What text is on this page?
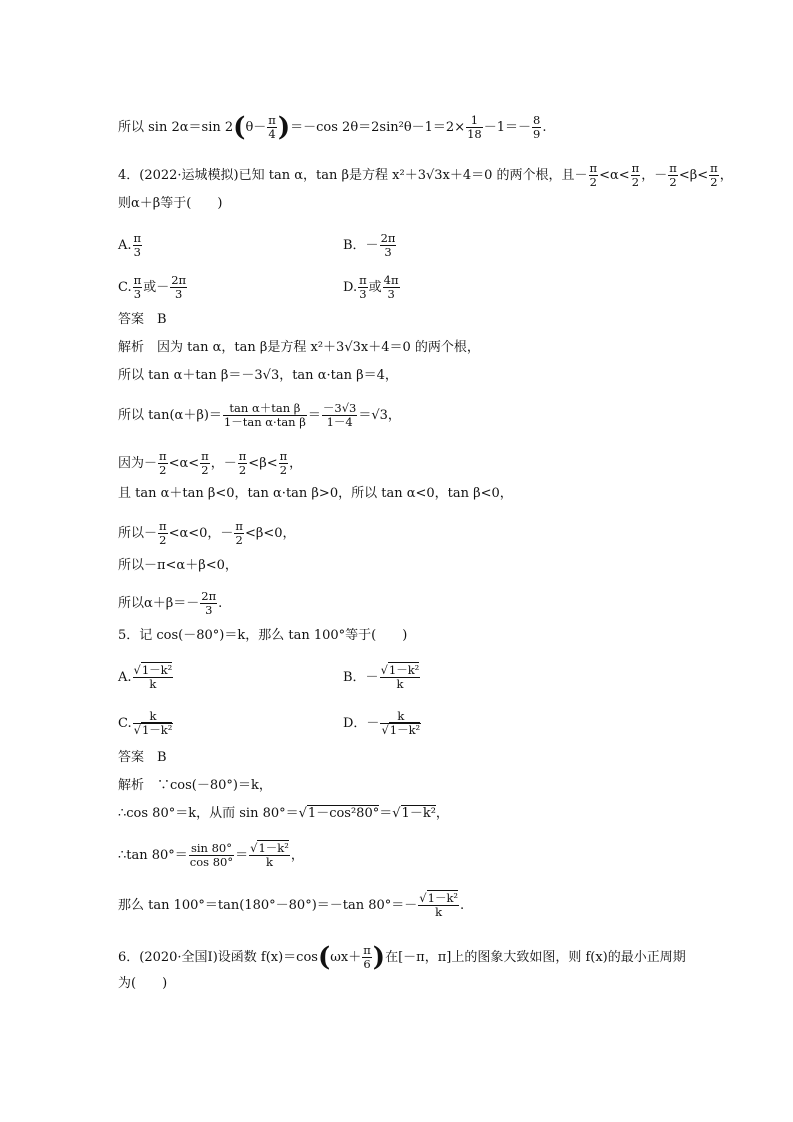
所以 sin 2α＝sin $2(\theta- \frac{\pi}{4} )=-\cos$ $2\theta=2\sin^2\theta-1=2\times \frac{1}{18} -1=- \frac{8}{9}$ .
4．(2022·运城模拟)已知 tan α，tan β是方程 x²＋3√3x＋4＝0 的两个根，且－ $\frac{\pi}{2} <\alpha< \frac{\pi}{2}$ ，－ $\frac{\pi}{2} <\beta< \frac{\pi}{2}$ ，
则α＋β等于(　　)
A. $\frac{\pi}{3}$	B．－ $\frac{2\pi}{3}$
C. $\frac{\pi}{3}$ 或－ $\frac{2\pi}{3}$	D. $\frac{\pi}{3}$ 或 $\frac{4\pi}{3}$
答案　B
解析　因为 tan α，tan β是方程 x²＋3√3x＋4＝0 的两个根，
所以 tan α＋tan β＝－3√3，tan α·tan β＝4，
所以 $\tan(\alpha+\beta)= \frac{\text{tan α＋tan β}}{\text{1－tan α·tan β}} = \frac{-3√3}{1-4} =√3$，
因为－ $\frac{\pi}{2} <\alpha< \frac{\pi}{2}$ ，－ $\frac{\pi}{2} <\beta< \frac{\pi}{2}$ ，
且 tan α＋tan β<0，tan α·tan β>0，所以 tan α<0，tan β<0，
所以－ $\frac{\pi}{2} <\alpha<0$，－ $\frac{\pi}{2} <\beta<0$，
所以－π<α＋β<0，
所以$\alpha+\beta=- \frac{2\pi}{3}$ .
5．记 cos(－80°)＝k，那么 tan 100°等于(　　)
A. $\frac{\text{√1－k²}}{k}$	B．－ $\frac{\text{√1－k²}}{k}$
C. $\frac{k}{\text{√1－k²}}$	D．－ $\frac{k}{\text{√1－k²}}$
答案　B
解析　∵cos(－80°)＝k，
∴cos 80°＝k，从而 sin 80°＝√1－cos²80°＝√1－k²，
∴tan $80^\circ= \frac{\sin 80^\circ}{\cos 80^\circ} = \frac{\text{√1－k²}}{k}$ ，
那么 tan 100°＝tan(180°－80°)＝－tan $80^\circ=- \frac{\text{√1－k²}}{k}$ .
6．(2020·全国Ⅰ)设函数 $f(x)=\cos(\omega x+ \frac{\pi}{6}$ )在[－π，π]上的图象大致如图，则 f(x)的最小正周期
为(　　)
